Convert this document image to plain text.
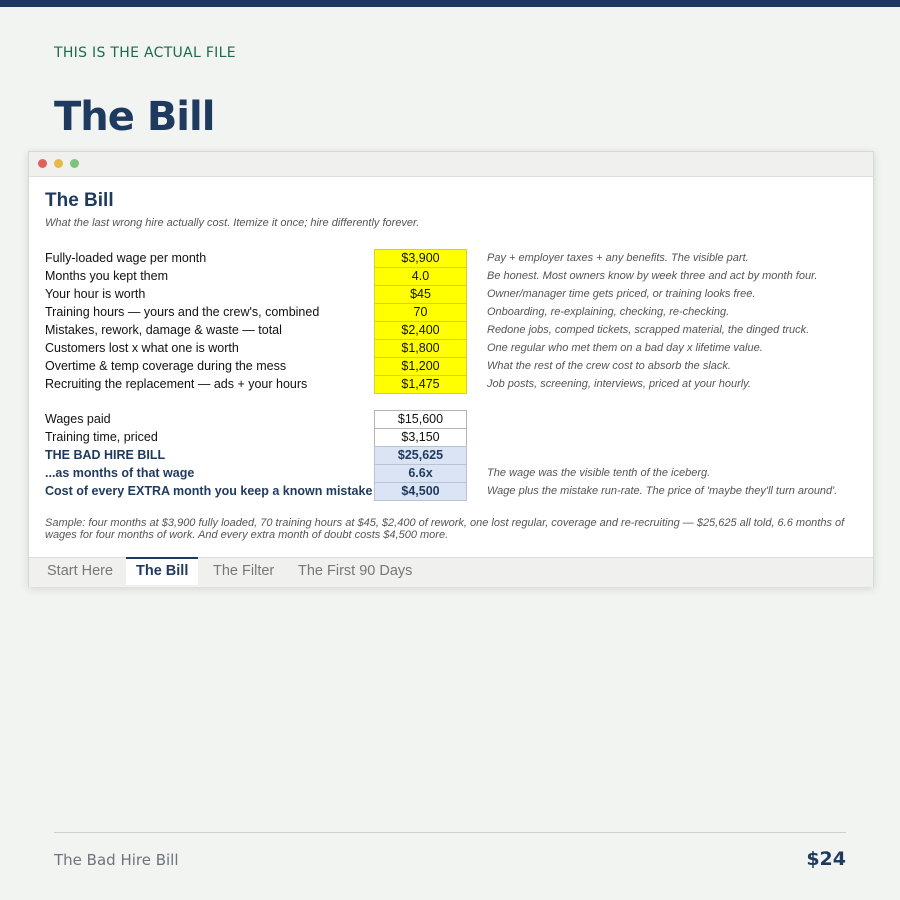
THIS IS THE ACTUAL FILE
The Bill
The Bill
What the last wrong hire actually cost. Itemize it once; hire differently forever.
Fully-loaded wage per month	$3,900	Pay + employer taxes + any benefits. The visible part.
Months you kept them	4.0	Be honest. Most owners know by week three and act by month four.
Your hour is worth	$45	Owner/manager time gets priced, or training looks free.
Training hours — yours and the crew's, combined	70	Onboarding, re-explaining, checking, re-checking.
Mistakes, rework, damage & waste — total	$2,400	Redone jobs, comped tickets, scrapped material, the dinged truck.
Customers lost x what one is worth	$1,800	One regular who met them on a bad day x lifetime value.
Overtime & temp coverage during the mess	$1,200	What the rest of the crew cost to absorb the slack.
Recruiting the replacement — ads + your hours	$1,475	Job posts, screening, interviews, priced at your hourly.
Wages paid	$15,600
Training time, priced	$3,150
THE BAD HIRE BILL	$25,625
...as months of that wage	6.6x	The wage was the visible tenth of the iceberg.
Cost of every EXTRA month you keep a known mistake	$4,500	Wage plus the mistake run-rate. The price of 'maybe they'll turn around'.
Sample: four months at $3,900 fully loaded, 70 training hours at $45, $2,400 of rework, one lost regular, coverage and re-recruiting — $25,625 all told, 6.6 months of wages for four months of work. And every extra month of doubt costs $4,500 more.
Start Here	The Bill	The Filter	The First 90 Days
The Bad Hire Bill	$24
